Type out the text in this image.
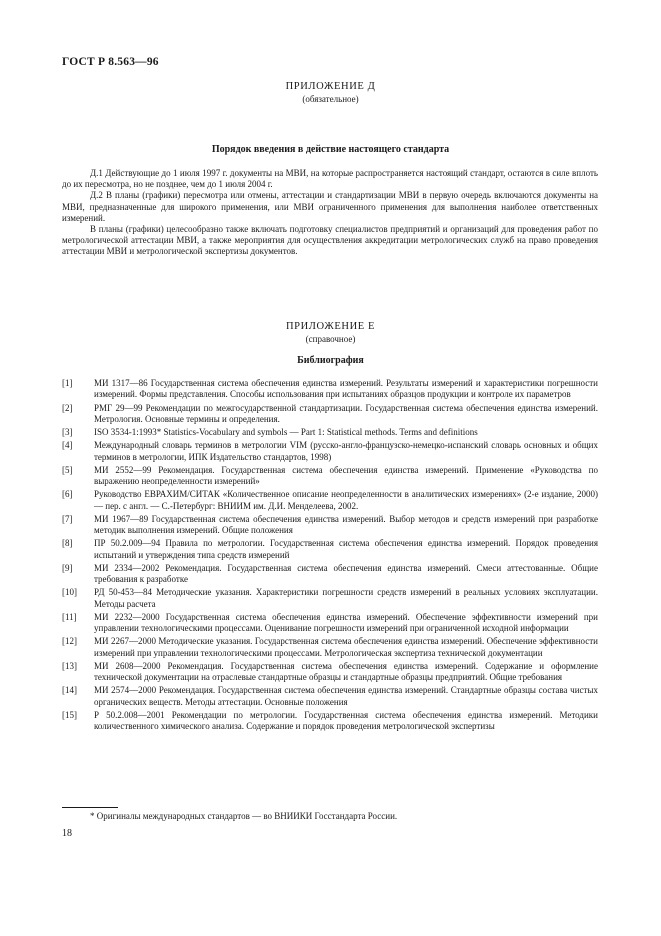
ГОСТ Р 8.563—96
ПРИЛОЖЕНИЕ Д
(обязательное)
Порядок введения в действие настоящего стандарта

Д.1 Действующие до 1 июля 1997 г. документы на МВИ, на которые распространяется настоящий стандарт, остаются в силе вплоть до их пересмотра, но не позднее, чем до 1 июля 2004 г.

Д.2 В планы (графики) пересмотра или отмены, аттестации и стандартизации МВИ в первую очередь включаются документы на МВИ, предназначенные для широкого применения, или МВИ ограниченного применения для выполнения наиболее ответственных измерений.

В планы (графики) целесообразно также включать подготовку специалистов предприятий и организаций для проведения работ по метрологической аттестации МВИ, а также мероприятия для осуществления аккредитации метрологических служб на право проведения аттестации МВИ и метрологической экспертизы документов.

ПРИЛОЖЕНИЕ Е
(справочное)
Библиография
[1]	МИ 1317—86 Государственная система обеспечения единства измерений. Результаты измерений и характеристики погрешности измерений. Формы представления. Способы использования при испытаниях образцов продукции и контроле их параметров
[2]	РМГ 29—99 Рекомендации по межгосударственной стандартизации. Государственная система обеспечения единства измерений. Метрология. Основные термины и определения.
[3]	ISO 3534-1:1993* Statistics-Vocabulary and symbols — Part 1: Statistical methods. Terms and definitions
[4]	Международный словарь терминов в метрологии VIM (русско-англо-французско-немецко-испанский словарь основных и общих терминов в метрологии, ИПК Издательство стандартов, 1998)
[5]	МИ 2552—99 Рекомендация. Государственная система обеспечения единства измерений. Применение «Руководства по выражению неопределенности измерений»
[6]	Руководство ЕВРАХИМ/СИТАК «Количественное описание неопределенности в аналитических измерениях» (2-е издание, 2000) — пер. с англ. — С.-Петербург: ВНИИМ им. Д.И. Менделеева, 2002.
[7]	МИ 1967—89 Государственная система обеспечения единства измерений. Выбор методов и средств измерений при разработке методик выполнения измерений. Общие положения
[8]	ПР 50.2.009—94 Правила по метрологии. Государственная система обеспечения единства измерений. Порядок проведения испытаний и утверждения типа средств измерений
[9]	МИ 2334—2002 Рекомендация. Государственная система обеспечения единства измерений. Смеси аттестованные. Общие требования к разработке
[10]	РД 50-453—84 Методические указания. Характеристики погрешности средств измерений в реальных условиях эксплуатации. Методы расчета
[11]	МИ 2232—2000 Государственная система обеспечения единства измерений. Обеспечение эффективности измерений при управлении технологическими процессами. Оценивание погрешности измерений при ограниченной исходной информации
[12]	МИ 2267—2000 Методические указания. Государственная система обеспечения единства измерений. Обеспечение эффективности измерений при управлении технологическими процессами. Метрологическая экспертиза технической документации
[13]	МИ 2608—2000 Рекомендация. Государственная система обеспечения единства измерений. Содержание и оформление технической документации на отраслевые стандартные образцы и стандартные образцы предприятий. Общие требования
[14]	МИ 2574—2000 Рекомендация. Государственная система обеспечения единства измерений. Стандартные образцы состава чистых органических веществ. Методы аттестации. Основные положения
[15]	Р 50.2.008—2001 Рекомендации по метрологии. Государственная система обеспечения единства измерений. Методики количественного химического анализа. Содержание и порядок проведения метрологической экспертизы
* Оригиналы международных стандартов — во ВНИИКИ Госстандарта России.
18
